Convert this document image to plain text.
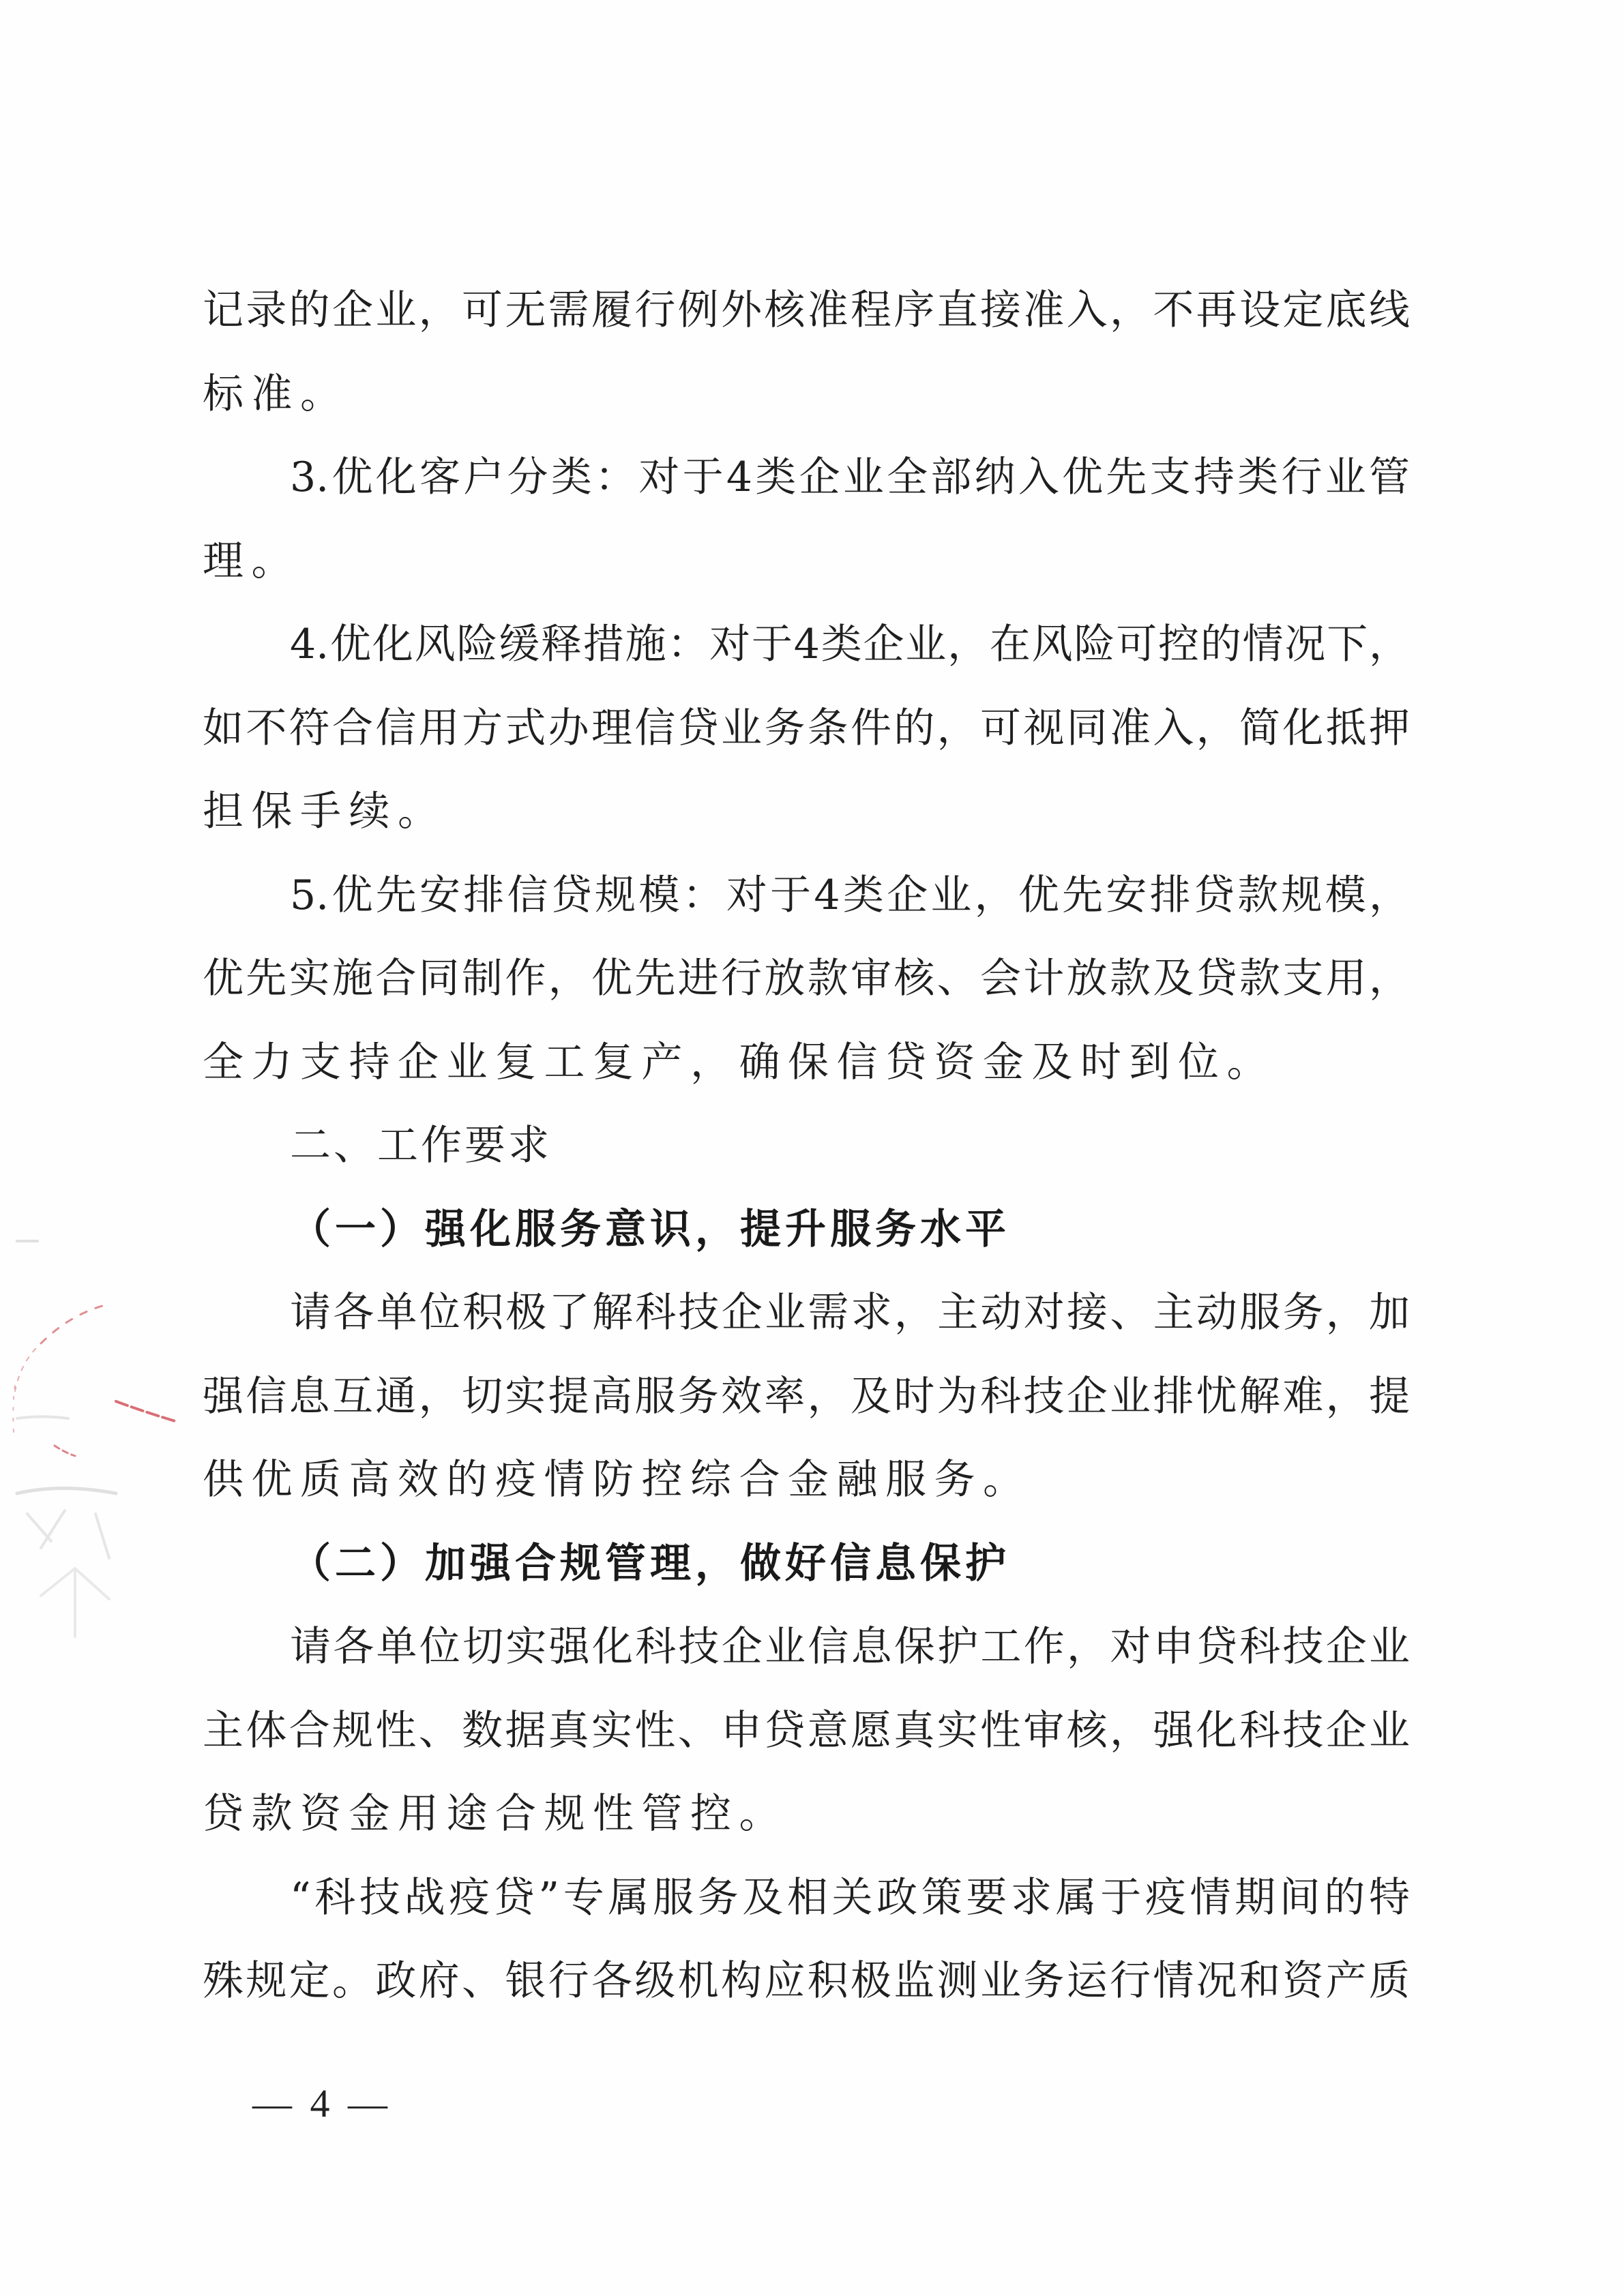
记录的企业，可无需履行例外核准程序直接准入，不再设定底线
标准。
3.优化客户分类：对于4类企业全部纳入优先支持类行业管
理。
4.优化风险缓释措施：对于4类企业，在风险可控的情况下，
如不符合信用方式办理信贷业务条件的，可视同准入，简化抵押
担保手续。
5.优先安排信贷规模：对于4类企业，优先安排贷款规模，
优先实施合同制作，优先进行放款审核、会计放款及贷款支用，
全力支持企业复工复产，确保信贷资金及时到位。
二、工作要求
（一）强化服务意识，提升服务水平
请各单位积极了解科技企业需求，主动对接、主动服务，加
强信息互通，切实提高服务效率，及时为科技企业排忧解难，提
供优质高效的疫情防控综合金融服务。
（二）加强合规管理，做好信息保护
请各单位切实强化科技企业信息保护工作，对申贷科技企业
主体合规性、数据真实性、申贷意愿真实性审核，强化科技企业
贷款资金用途合规性管控。
“科技战疫贷”专属服务及相关政策要求属于疫情期间的特
殊规定。政府、银行各级机构应积极监测业务运行情况和资产质
— 4 —
